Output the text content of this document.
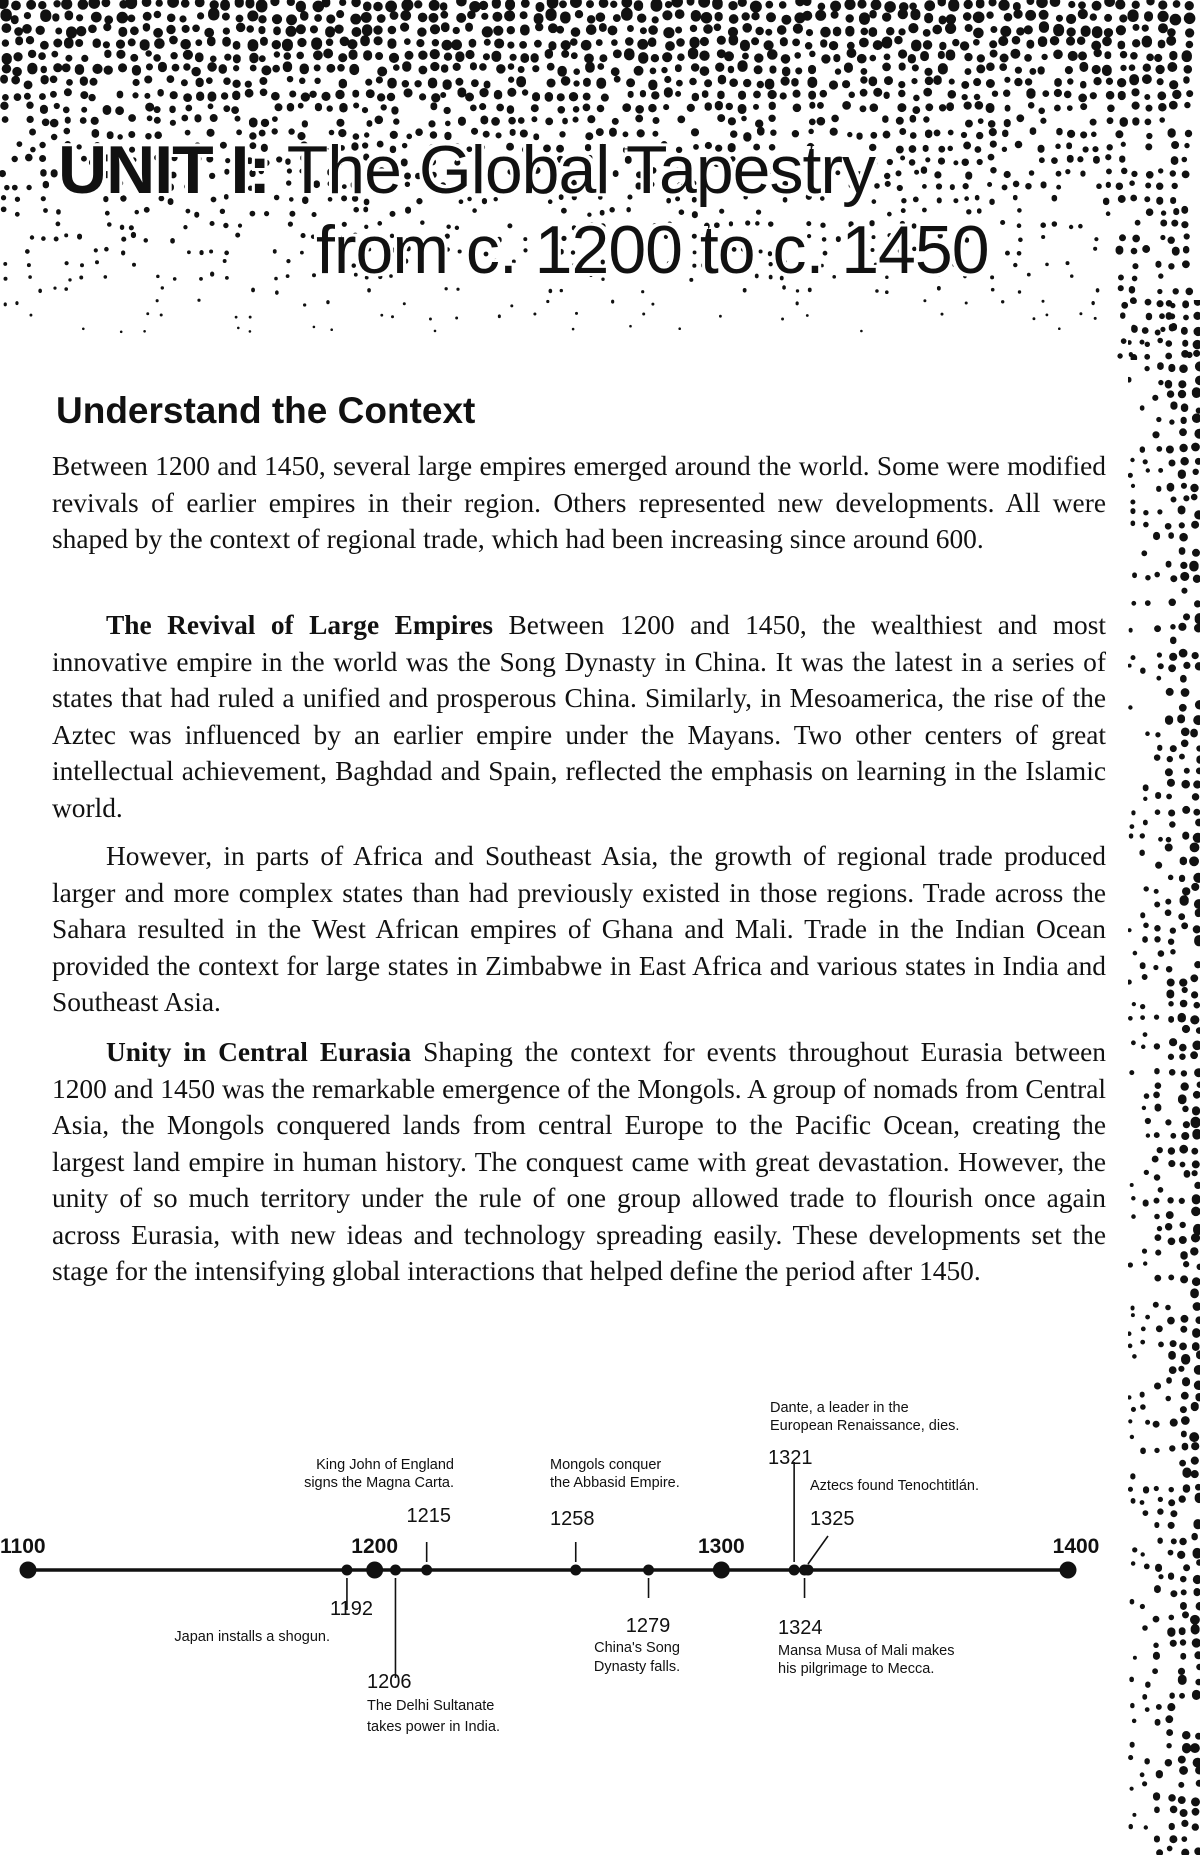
UNIT I: The Global Tapestry
from c. 1200 to c. 1450
Understand the Context

Between 1200 and 1450, several large empires emerged around the world. Some were modified revivals of earlier empires in their region. Others represented new developments. All were shaped by the context of regional trade, which had been increasing since around 600.

The Revival of Large Empires Between 1200 and 1450, the wealthiest and most innovative empire in the world was the Song Dynasty in China. It was the latest in a series of states that had ruled a unified and prosperous China. Similarly, in Mesoamerica, the rise of the Aztec was influenced by an earlier empire under the Mayans. Two other centers of great intellectual achievement, Baghdad and Spain, reflected the emphasis on learning in the Islamic world.

However, in parts of Africa and Southeast Asia, the growth of regional trade produced larger and more complex states than had previously existed in those regions. Trade across the Sahara resulted in the West African empires of Ghana and Mali. Trade in the Indian Ocean provided the context for large states in Zimbabwe in East Africa and various states in India and Southeast Asia.

Unity in Central Eurasia Shaping the context for events throughout Eurasia between 1200 and 1450 was the remarkable emergence of the Mongols. A group of nomads from Central Asia, the Mongols conquered lands from central Europe to the Pacific Ocean, creating the largest land empire in human history. The conquest came with great devastation. However, the unity of so much territory under the rule of one group allowed trade to flourish once again across Eurasia, with new ideas and technology spreading easily. These developments set the stage for the intensifying global interactions that helped define the period after 1450.

1100	1200	1300	1400
1192
Japan installs a shogun.
1206
The Delhi Sultanate
takes power in India.
1215
King John of England
signs the Magna Carta.
1258
Mongols conquer
the Abbasid Empire.
1279
China's Song
Dynasty falls.
1321
Dante, a leader in the
European Renaissance, dies.
1324
Mansa Musa of Mali makes
his pilgrimage to Mecca.
1325
Aztecs found Tenochtitlán.
